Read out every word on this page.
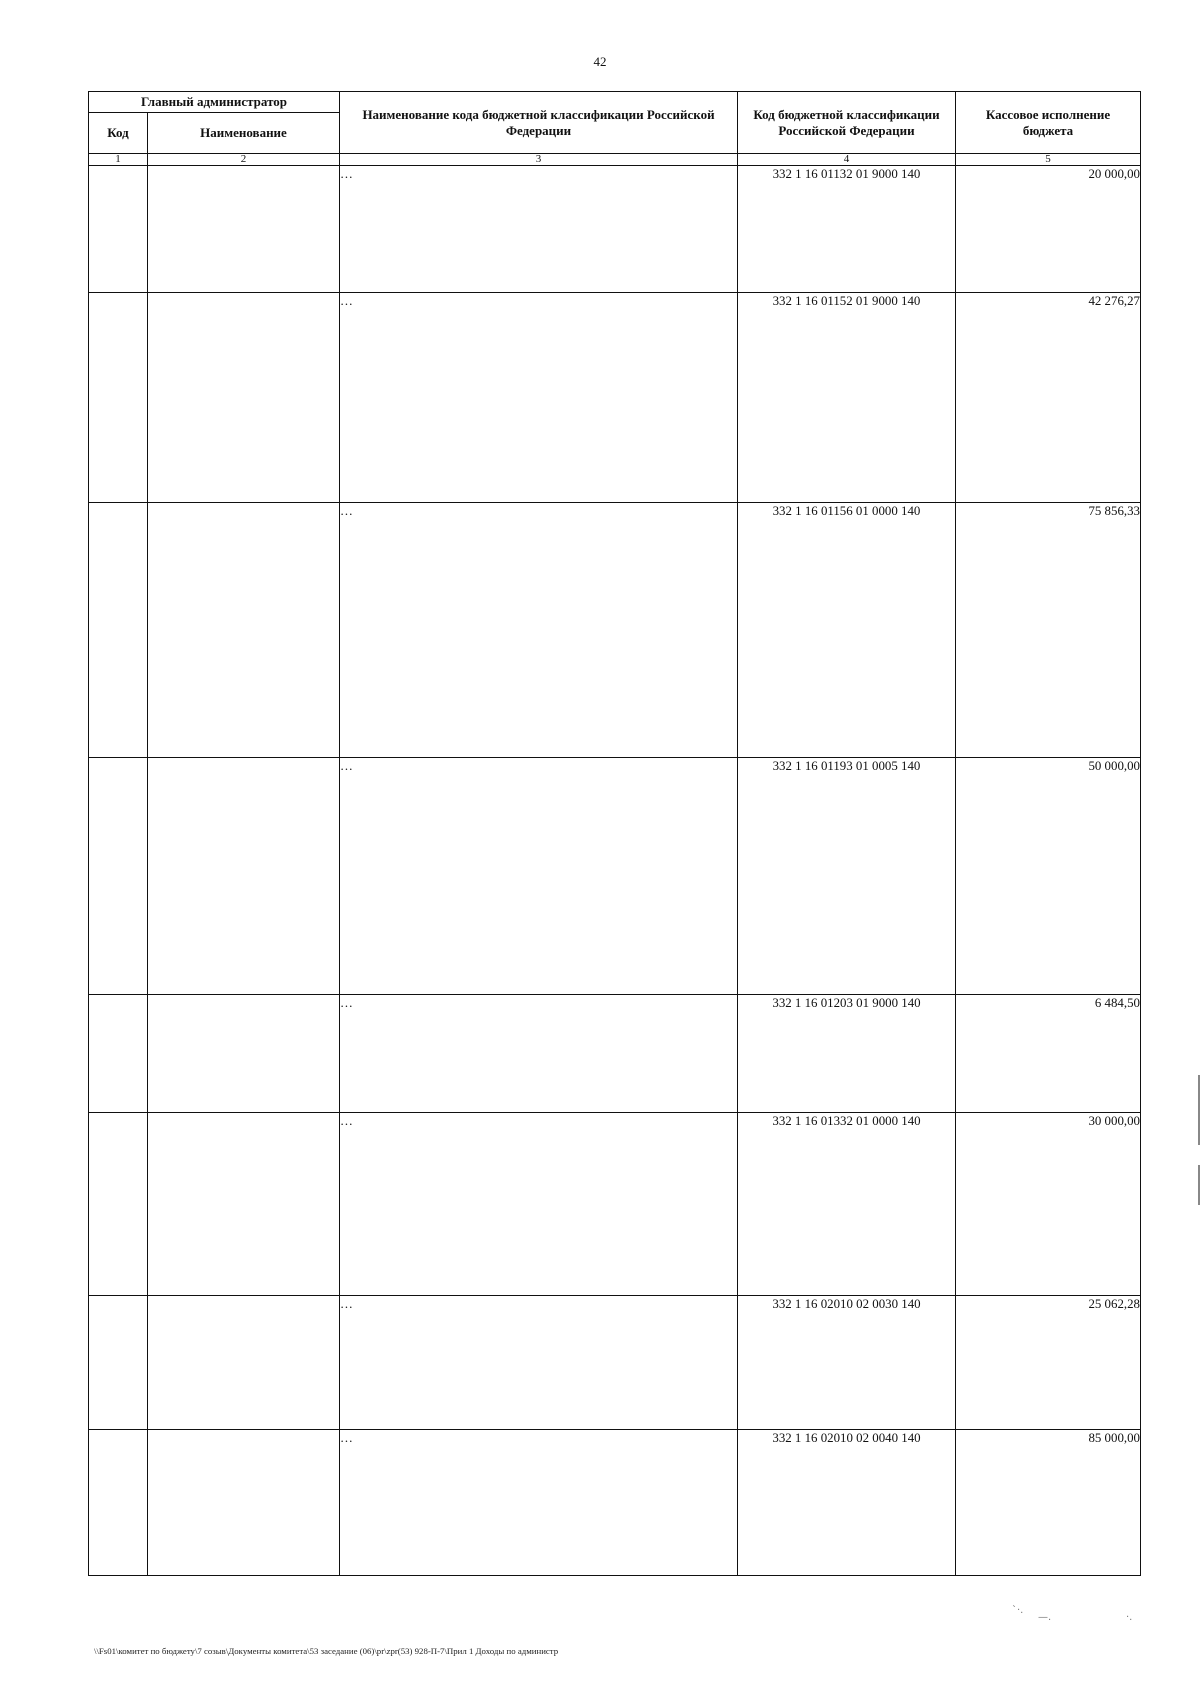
42
Главный администратор		Наименование кода бюджетной классификации Российской Федерации	Код бюджетной классификации Российской Федерации	Кассовое исполнение бюджета
Код	Наименование			
1	2	3	4	5
		…	332 1 16 01132 01 9000 140	20 000,00
		…	332 1 16 01152 01 9000 140	42 276,27
		…	332 1 16 01156 01 0000 140	75 856,33
		…	332 1 16 01193 01 0005 140	50 000,00
		…	332 1 16 01203 01 9000 140	6 484,50
		…	332 1 16 01332 01 0000 140	30 000,00
		…	332 1 16 02010 02 0030 140	25 062,28
		…	332 1 16 02010 02 0040 140	85 000,00
\\Fs01\комитет по бюджету\7 созыв\Документы комитета\53 заседание (06)\pr\zpr(53) 928-П-7\Прил 1 Доходы по администр
`·.
—.	·.
